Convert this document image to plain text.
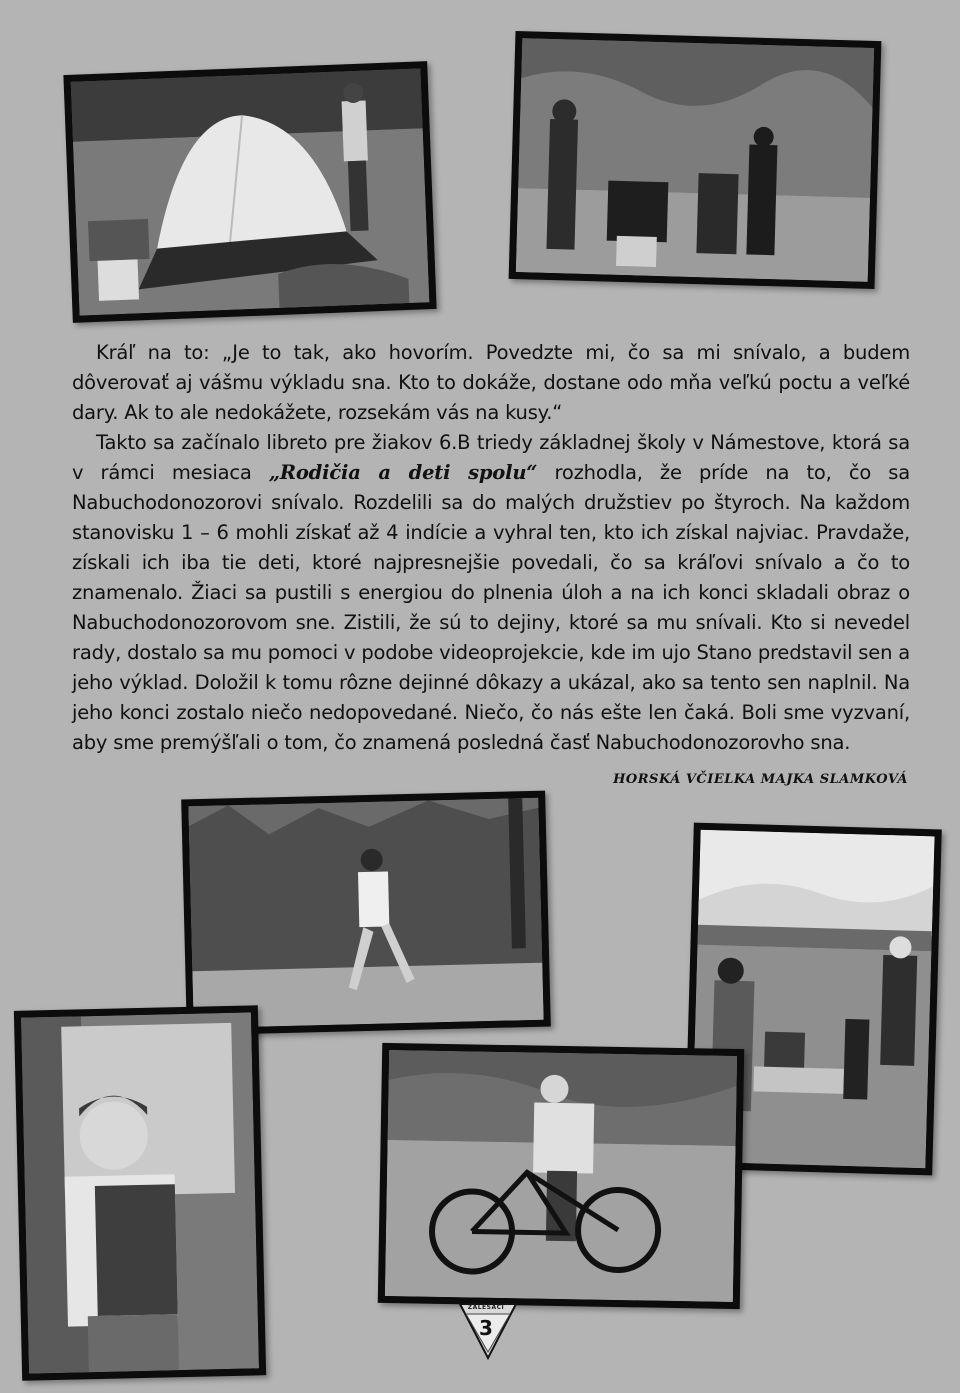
Kráľ na to: „Je to tak, ako hovorím. Povedzte mi, čo sa mi snívalo, a budem dôverovať aj vášmu výkladu sna. Kto to dokáže, dostane odo mňa veľkú poctu a veľké dary. Ak to ale nedokážete, rozsekám vás na kusy.“

Takto sa začínalo libreto pre žiakov 6.B triedy základnej školy v Námestove, ktorá sa v rámci mesiaca „Rodičia a deti spolu“ rozhodla, že príde na to, čo sa Nabuchodonozorovi snívalo. Rozdelili sa do malých družstiev po štyroch. Na každom stanovisku 1 – 6 mohli získať až 4 indície a vyhral ten, kto ich získal najviac. Pravdaže, získali ich iba tie deti, ktoré najpresnejšie povedali, čo sa kráľovi snívalo a čo to znamenalo. Žiaci sa pustili s energiou do plnenia úloh a na ich konci skladali obraz o Nabuchodonozorovom sne. Zistili, že sú to dejiny, ktoré sa mu snívali. Kto si nevedel rady, dostalo sa mu pomoci v podobe videoprojekcie, kde im ujo Stano predstavil sen a jeho výklad. Doložil k tomu rôzne dejinné dôkazy a ukázal, ako sa tento sen naplnil. Na jeho konci zostalo niečo nedopovedané. Niečo, čo nás ešte len čaká. Boli sme vyzvaní, aby sme premýšľali o tom, čo znamená posledná časť Nabuchodonozorovho sna.

HORSKÁ VČIELKA MAJKA SLAMKOVÁ
ZÁLESÁCI
3
